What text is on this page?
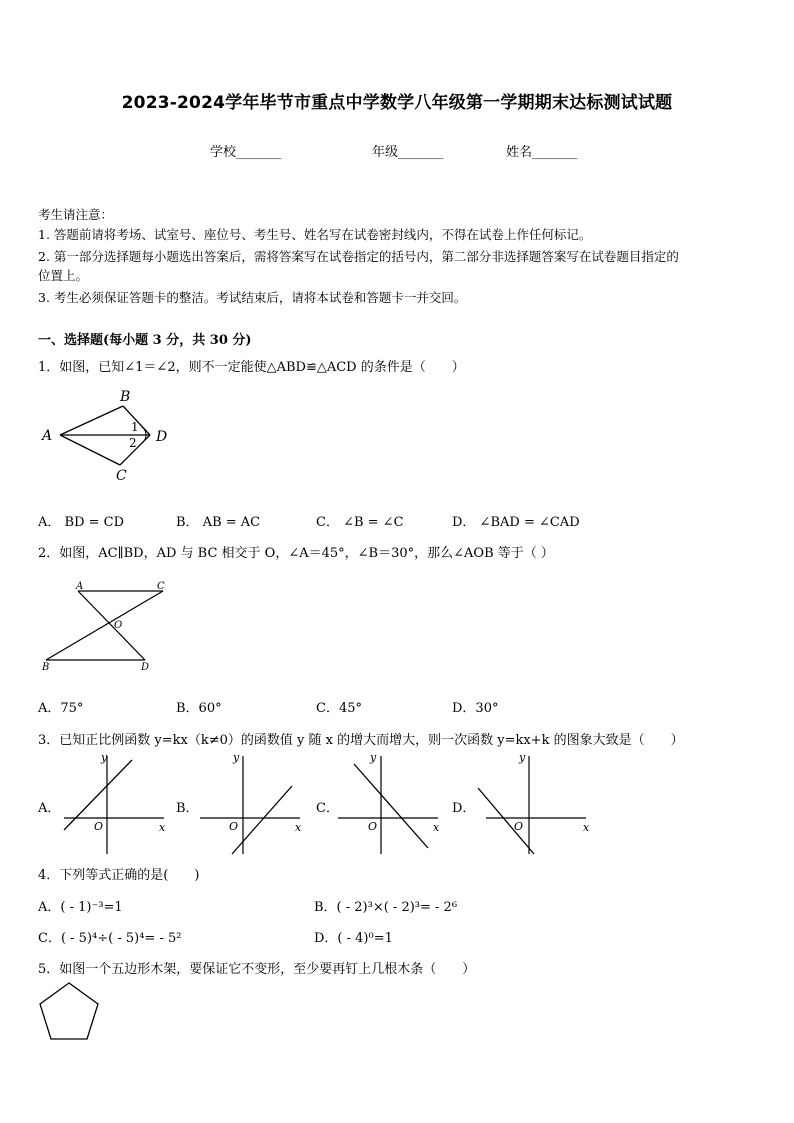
2023-2024学年毕节市重点中学数学八年级第一学期期末达标测试试题
学校_______	年级_______	姓名_______
考生请注意：
1. 答题前请将考场、试室号、座位号、考生号、姓名写在试卷密封线内，不得在试卷上作任何标记。
2. 第一部分选择题每小题选出答案后，需将答案写在试卷指定的括号内，第二部分非选择题答案写在试卷题目指定的
位置上。
3. 考生必须保证答题卡的整洁。考试结束后，请将本试卷和答题卡一并交回。
一、选择题(每小题 3 分，共 30 分)
1．如图，已知∠1＝∠2，则不一定能使△ABD≌△ACD 的条件是（　　）
A
B
C
D
1
2
A． BD = CD	B． AB = AC	C． ∠B = ∠C	D． ∠BAD = ∠CAD
2．如图，AC∥BD，AD 与 BC 相交于 O，∠A＝45°，∠B＝30°，那么∠AOB 等于（ ）
A	C
O
B	D
A．75°	B．60°	C．45°	D．30°
3．已知正比例函数 y=kx（k≠0）的函数值 y 随 x 的增大而增大，则一次函数 y=kx+k 的图象大致是（　　）
A．
y
x
O
B．
y
x
O
C．
y
x
O
D．
y
x
O
4．下列等式正确的是(　　)
A．( - 1)⁻³=1	B．( - 2)³×( - 2)³= - 2⁶
C．( - 5)⁴÷( - 5)⁴= - 5²	D．( - 4)⁰=1
5．如图一个五边形木架，要保证它不变形，至少要再钉上几根木条（　　）
